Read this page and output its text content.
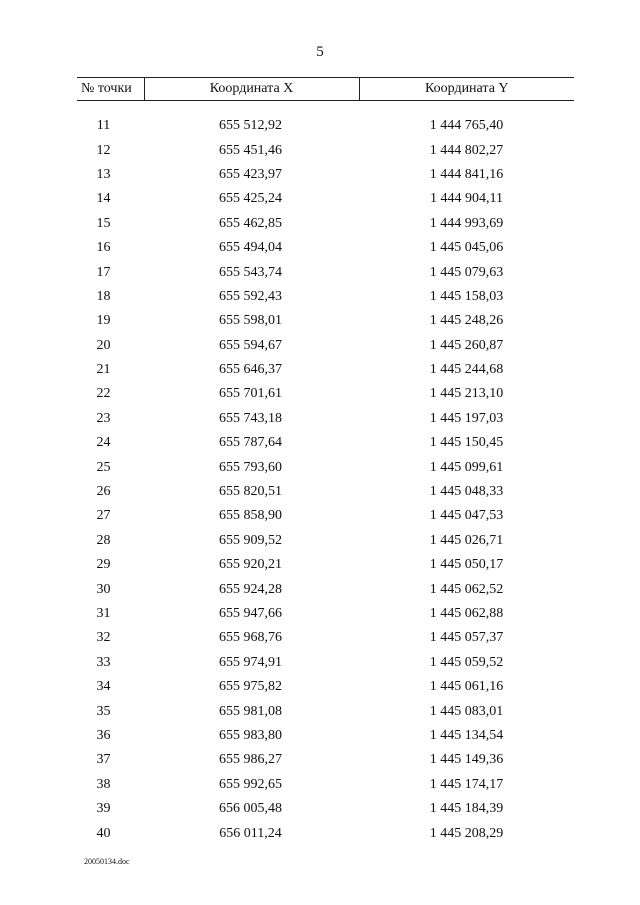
5
№ точки	Координата X	Координата Y

11	655 512,92	1 444 765,40
12	655 451,46	1 444 802,27
13	655 423,97	1 444 841,16
14	655 425,24	1 444 904,11
15	655 462,85	1 444 993,69
16	655 494,04	1 445 045,06
17	655 543,74	1 445 079,63
18	655 592,43	1 445 158,03
19	655 598,01	1 445 248,26
20	655 594,67	1 445 260,87
21	655 646,37	1 445 244,68
22	655 701,61	1 445 213,10
23	655 743,18	1 445 197,03
24	655 787,64	1 445 150,45
25	655 793,60	1 445 099,61
26	655 820,51	1 445 048,33
27	655 858,90	1 445 047,53
28	655 909,52	1 445 026,71
29	655 920,21	1 445 050,17
30	655 924,28	1 445 062,52
31	655 947,66	1 445 062,88
32	655 968,76	1 445 057,37
33	655 974,91	1 445 059,52
34	655 975,82	1 445 061,16
35	655 981,08	1 445 083,01
36	655 983,80	1 445 134,54
37	655 986,27	1 445 149,36
38	655 992,65	1 445 174,17
39	656 005,48	1 445 184,39
40	656 011,24	1 445 208,29
20050134.doc
